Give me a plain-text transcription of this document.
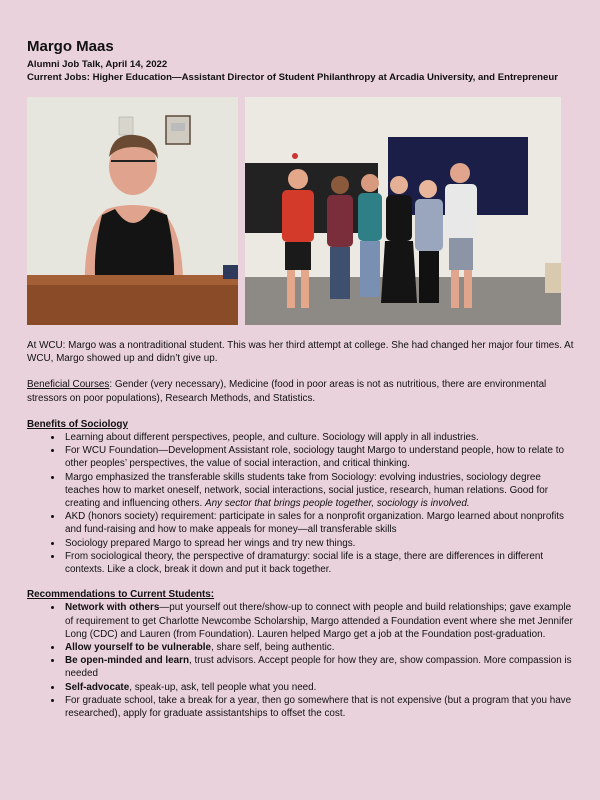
Margo Maas
Alumni Job Talk, April 14, 2022
Current Jobs: Higher Education—Assistant Director of Student Philanthropy at Arcadia University, and Entrepreneur

At WCU: Margo was a nontraditional student. This was her third attempt at college. She had changed her major four times. At WCU, Margo showed up and didn’t give up.

Beneficial Courses: Gender (very necessary), Medicine (food in poor areas is not as nutritious, there are environmental stressors on poor populations), Research Methods, and Statistics.

Benefits of Sociology
• Learning about different perspectives, people, and culture. Sociology will apply in all industries.
• For WCU Foundation—Development Assistant role, sociology taught Margo to understand people, how to relate to other peoples’ perspectives, the value of social interaction, and critical thinking.
• Margo emphasized the transferable skills students take from Sociology: evolving industries, sociology degree teaches how to market oneself, network, social interactions, social justice, research, human relations. Good for creating and influencing others. Any sector that brings people together, sociology is involved.
• AKD (honors society) requirement: participate in sales for a nonprofit organization. Margo learned about nonprofits and fund-raising and how to make appeals for money—all transferable skills
• Sociology prepared Margo to spread her wings and try new things.
• From sociological theory, the perspective of dramaturgy: social life is a stage, there are differences in different contexts. Like a clock, break it down and put it back together.
Recommendations to Current Students:
• Network with others—put yourself out there/show-up to connect with people and build relationships; gave example of requirement to get Charlotte Newcombe Scholarship, Margo attended a Foundation event where she met Jennifer Long (CDC) and Lauren (from Foundation). Lauren helped Margo get a job at the Foundation post-graduation.
• Allow yourself to be vulnerable, share self, being authentic.
• Be open-minded and learn, trust advisors. Accept people for how they are, show compassion. More compassion is needed
• Self-advocate, speak-up, ask, tell people what you need.
• For graduate school, take a break for a year, then go somewhere that is not expensive (but a program that you have researched), apply for graduate assistantships to offset the cost.
